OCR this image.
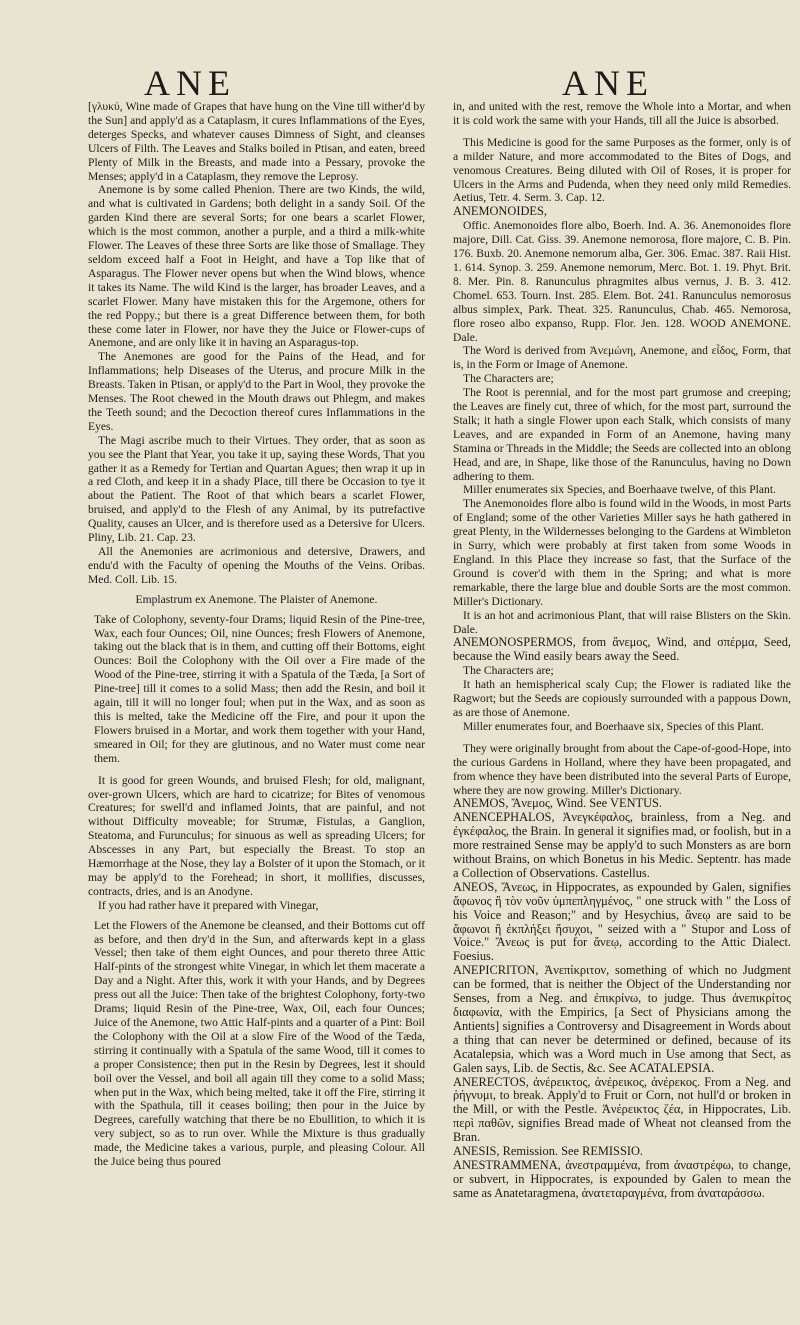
ANE	ANE

[γλυκύ, Wine made of Grapes that have hung on the Vine till wither'd by the Sun] and apply'd as a Cataplasm, it cures Inflammations of the Eyes, deterges Specks, and whatever causes Dimness of Sight, and cleanses Ulcers of Filth. The Leaves and Stalks boiled in Ptisan, and eaten, breed Plenty of Milk in the Breasts, and made into a Pessary, provoke the Menses; apply'd in a Cataplasm, they remove the Leprosy.

Anemone is by some called Phenion. There are two Kinds, the wild, and what is cultivated in Gardens; both delight in a sandy Soil. Of the garden Kind there are several Sorts; for one bears a scarlet Flower, which is the most common, another a purple, and a third a milk-white Flower. The Leaves of these three Sorts are like those of Smallage. They seldom exceed half a Foot in Height, and have a Top like that of Asparagus. The Flower never opens but when the Wind blows, whence it takes its Name. The wild Kind is the larger, has broader Leaves, and a scarlet Flower. Many have mistaken this for the Argemone, others for the red Poppy.; but there is a great Difference between them, for both these come later in Flower, nor have they the Juice or Flower-cups of Anemone, and are only like it in having an Asparagus-top.

The Anemones are good for the Pains of the Head, and for Inflammations; help Diseases of the Uterus, and procure Milk in the Breasts. Taken in Ptisan, or apply'd to the Part in Wool, they provoke the Menses. The Root chewed in the Mouth draws out Phlegm, and makes the Teeth sound; and the Decoction thereof cures Inflammations in the Eyes.

The Magi ascribe much to their Virtues. They order, that as soon as you see the Plant that Year, you take it up, saying these Words, That you gather it as a Remedy for Tertian and Quartan Agues; then wrap it up in a red Cloth, and keep it in a shady Place, till there be Occasion to tye it about the Patient. The Root of that which bears a scarlet Flower, bruised, and apply'd to the Flesh of any Animal, by its putrefactive Quality, causes an Ulcer, and is therefore used as a Detersive for Ulcers. Pliny, Lib. 21. Cap. 23.

All the Anemonies are acrimonious and detersive, Drawers, and endu'd with the Faculty of opening the Mouths of the Veins. Oribas. Med. Coll. Lib. 15.

Emplastrum ex Anemone. The Plaister of Anemone.

Take of Colophony, seventy-four Drams; liquid Resin of the Pine-tree, Wax, each four Ounces; Oil, nine Ounces; fresh Flowers of Anemone, taking out the black that is in them, and cutting off their Bottoms, eight Ounces: Boil the Colophony with the Oil over a Fire made of the Wood of the Pine-tree, stirring it with a Spatula of the Tæda, [a Sort of Pine-tree] till it comes to a solid Mass; then add the Resin, and boil it again, till it will no longer foul; when put in the Wax, and as soon as this is melted, take the Medicine off the Fire, and pour it upon the Flowers bruised in a Mortar, and work them together with your Hand, smeared in Oil; for they are glutinous, and no Water must come near them.

It is good for green Wounds, and bruised Flesh; for old, malignant, over-grown Ulcers, which are hard to cicatrize; for Bites of venomous Creatures; for swell'd and inflamed Joints, that are painful, and not without Difficulty moveable; for Strumæ, Fistulas, a Ganglion, Steatoma, and Furunculus; for sinuous as well as spreading Ulcers; for Abscesses in any Part, but especially the Breast. To stop an Hæmorrhage at the Nose, they lay a Bolster of it upon the Stomach, or it may be apply'd to the Forehead; in short, it mollifies, discusses, contracts, dries, and is an Anodyne.

If you had rather have it prepared with Vinegar,

Let the Flowers of the Anemone be cleansed, and their Bottoms cut off as before, and then dry'd in the Sun, and afterwards kept in a glass Vessel; then take of them eight Ounces, and pour thereto three Attic Half-pints of the strongest white Vinegar, in which let them macerate a Day and a Night. After this, work it with your Hands, and by Degrees press out all the Juice: Then take of the brightest Colophony, forty-two Drams; liquid Resin of the Pine-tree, Wax, Oil, each four Ounces; Juice of the Anemone, two Attic Half-pints and a quarter of a Pint: Boil the Colophony with the Oil at a slow Fire of the Wood of the Tæda, stirring it continually with a Spatula of the same Wood, till it comes to a proper Consistence; then put in the Resin by Degrees, lest it should boil over the Vessel, and boil all again till they come to a solid Mass; when put in the Wax, which being melted, take it off the Fire, stirring it with the Spathula, till it ceases boiling; then pour in the Juice by Degrees, carefully watching that there be no Ebullition, to which it is very subject, so as to run over. While the Mixture is thus gradually made, the Medicine takes a various, purple, and pleasing Colour. All the Juice being thus poured

in, and united with the rest, remove the Whole into a Mortar, and when it is cold work the same with your Hands, till all the Juice is absorbed.

This Medicine is good for the same Purposes as the former, only is of a milder Nature, and more accommodated to the Bites of Dogs, and venomous Creatures. Being diluted with Oil of Roses, it is proper for Ulcers in the Arms and Pudenda, when they need only mild Remedies. Aetius, Tetr. 4. Serm. 3. Cap. 12.

ANEMONOIDES,

Offic. Anemonoides flore albo, Boerh. Ind. A. 36. Anemonoides flore majore, Dill. Cat. Giss. 39. Anemone nemorosa, flore majore, C. B. Pin. 176. Buxb. 20. Anemone nemorum alba, Ger. 306. Emac. 387. Raii Hist. 1. 614. Synop. 3. 259. Anemone nemorum, Merc. Bot. 1. 19. Phyt. Brit. 8. Mer. Pin. 8. Ranunculus phragmites albus vernus, J. B. 3. 412. Chomel. 653. Tourn. Inst. 285. Elem. Bot. 241. Ranunculus nemorosus albus simplex, Park. Theat. 325. Ranunculus, Chab. 465. Nemorosa, flore roseo albo expanso, Rupp. Flor. Jen. 128. WOOD ANEMONE. Dale.

The Word is derived from Ἀνεμώνη, Anemone, and εἶδος, Form, that is, in the Form or Image of Anemone.

The Characters are;

The Root is perennial, and for the most part grumose and creeping; the Leaves are finely cut, three of which, for the most part, surround the Stalk; it hath a single Flower upon each Stalk, which consists of many Leaves, and are expanded in Form of an Anemone, having many Stamina or Threads in the Middle; the Seeds are collected into an oblong Head, and are, in Shape, like those of the Ranunculus, having no Down adhering to them.

Miller enumerates six Species, and Boerhaave twelve, of this Plant.

The Anemonoides flore albo is found wild in the Woods, in most Parts of England; some of the other Varieties Miller says he hath gathered in great Plenty, in the Wildernesses belonging to the Gardens at Wimbleton in Surry, which were probably at first taken from some Woods in England. In this Place they increase so fast, that the Surface of the Ground is cover'd with them in the Spring; and what is more remarkable, there the large blue and double Sorts are the most common. Miller's Dictionary.

It is an hot and acrimonious Plant, that will raise Blisters on the Skin. Dale.

ANEMONOSPERMOS, from ἄνεμος, Wind, and σπέρμα, Seed, because the Wind easily bears away the Seed.

The Characters are;

It hath an hemispherical scaly Cup; the Flower is radiated like the Ragwort; but the Seeds are copiously surrounded with a pappous Down, as are those of Anemone.

Miller enumerates four, and Boerhaave six, Species of this Plant.

They were originally brought from about the Cape-of-good-Hope, into the curious Gardens in Holland, where they have been propagated, and from whence they have been distributed into the several Parts of Europe, where they are now growing. Miller's Dictionary.

ANEMOS, Ἄνεμος, Wind. See VENTUS.

ANENCEPHALOS, Ἀνεγκέφαλος, brainless, from a Neg. and ἐγκέφαλος, the Brain. In general it signifies mad, or foolish, but in a more restrained Sense may be apply'd to such Monsters as are born without Brains, on which Bonetus in his Medic. Septentr. has made a Collection of Observations. Castellus.

ANEOS, Ἄνεως, in Hippocrates, as expounded by Galen, signifies ἄφωνος ἢ τὸν νοῦν ὑμπεπληγμένος, " one struck with " the Loss of his Voice and Reason;" and by Hesychius, ἄνεῳ are said to be ἄφωνοι ἢ ἐκπλήξει ἥσυχοι, " seized with a " Stupor and Loss of Voice." Ἄνεως is put for ἄνεῳ, according to the Attic Dialect. Foesius.

ANEPICRITON, Ἀνεπίκριτον, something of which no Judgment can be formed, that is neither the Object of the Understanding nor Senses, from a Neg. and ἐπικρίνω, to judge. Thus ἀνεπικρίτος διαφωνία, with the Empirics, [a Sect of Physicians among the Antients] signifies a Controversy and Disagreement in Words about a thing that can never be determined or defined, because of its Acatalepsia, which was a Word much in Use among that Sect, as Galen says, Lib. de Sectis, &c. See ACATALEPSIA.

ANERECTOS, ἀνέρεικτος, ἀνέρεικος, ἀνέρεκος. From a Neg. and ῥήγνυμι, to break. Apply'd to Fruit or Corn, not hull'd or broken in the Mill, or with the Pestle. Ἀνέρεικτος ζέα, in Hippocrates, Lib. περὶ παθῶν, signifies Bread made of Wheat not cleansed from the Bran.

ANESIS, Remission. See REMISSIO.

ANESTRAMMENA, ἀνεστραμμένα, from ἀναστρέφω, to change, or subvert, in Hippocrates, is expounded by Galen to mean the same as Anatetaragmena, ἀνατεταραγμένα, from ἀναταράσσω.
